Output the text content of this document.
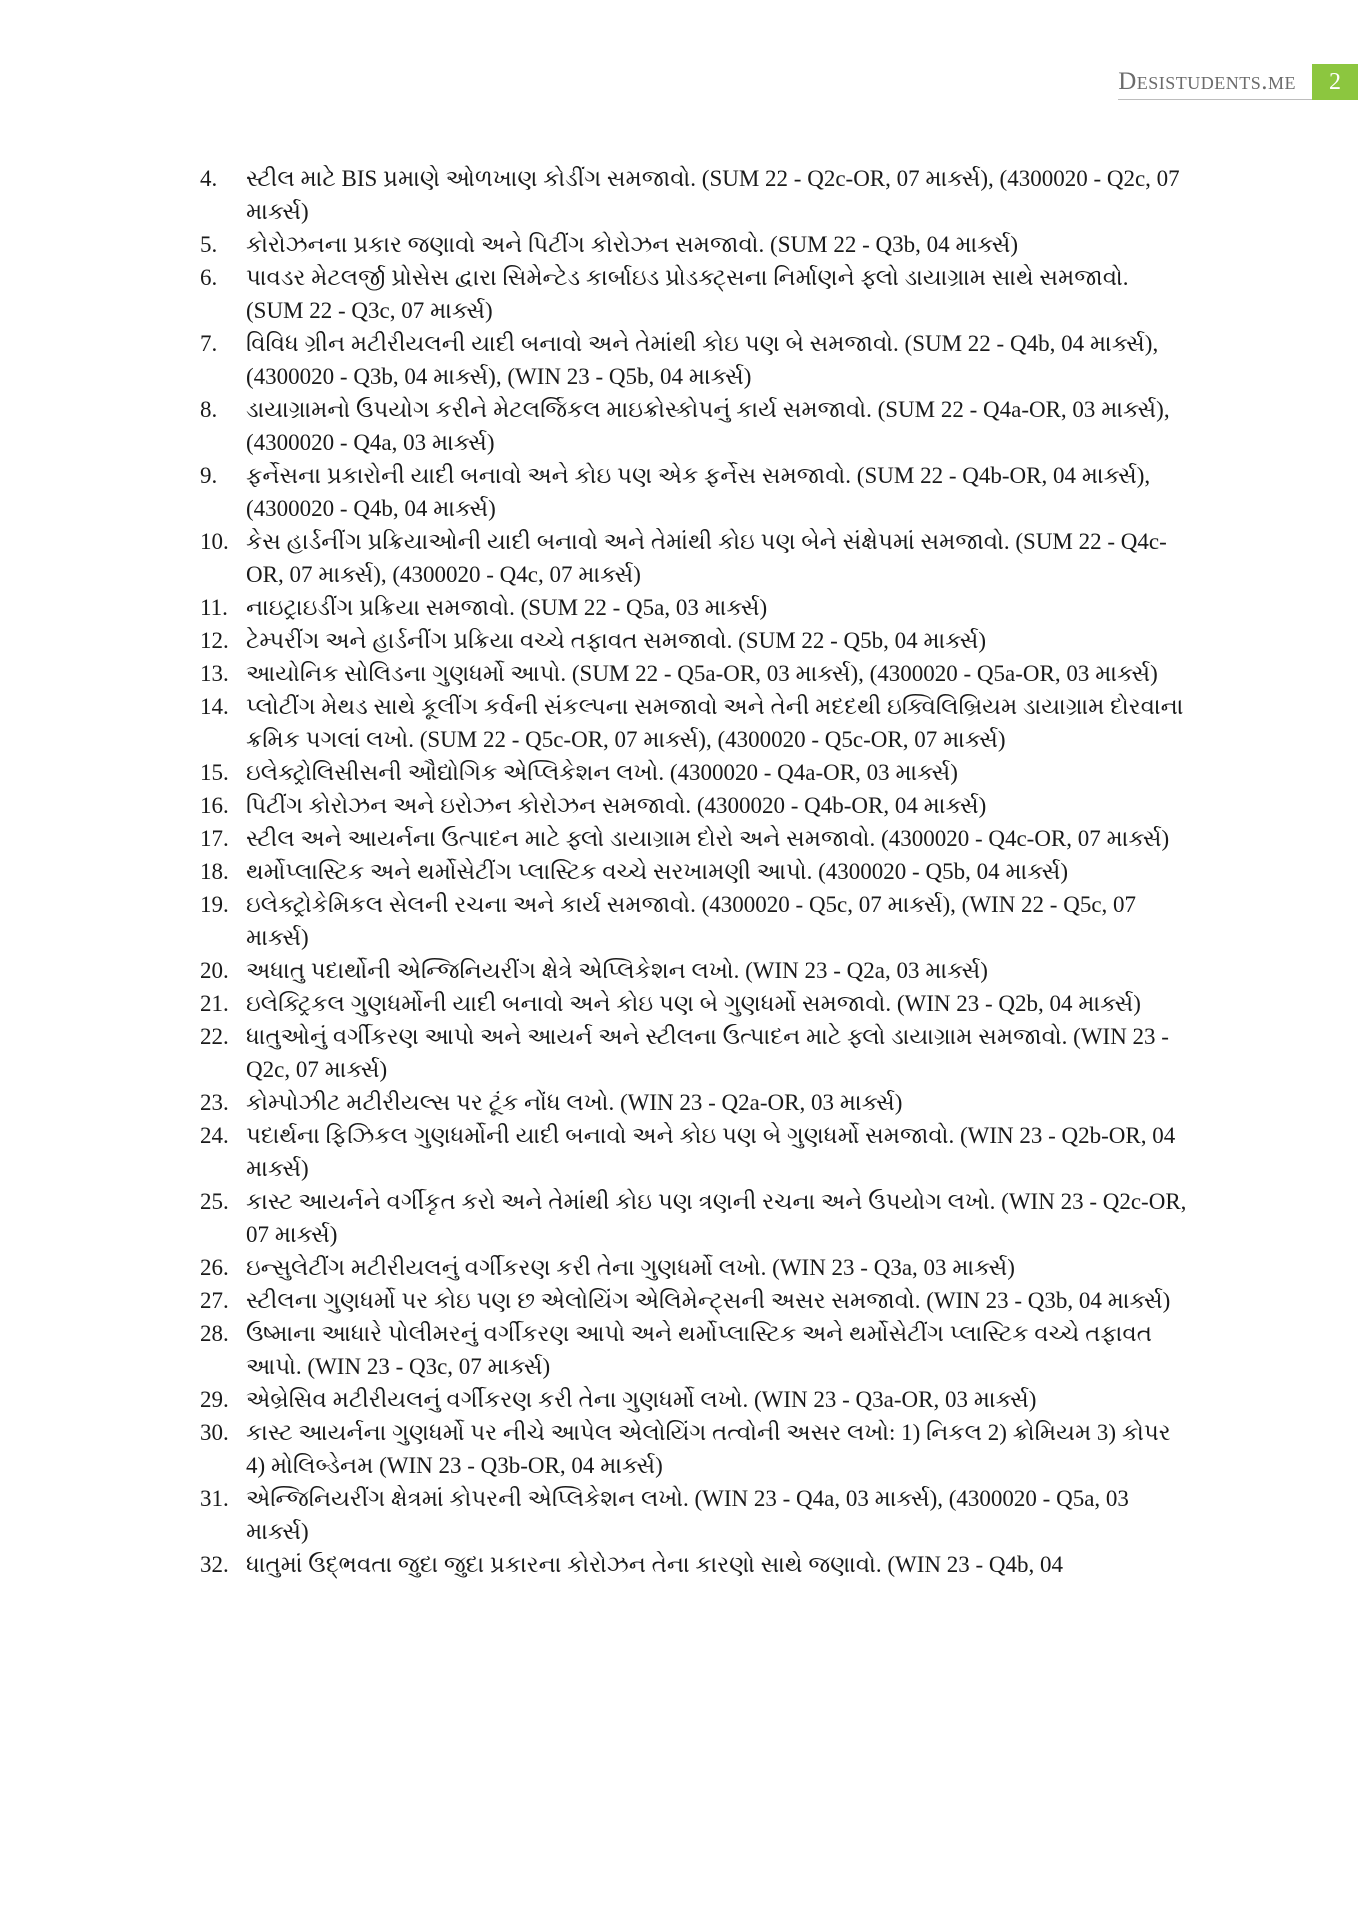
Desistudents.me	2
4.	સ્ટીલ માટે BIS પ્રમાણે ઓળખાણ કોડીંગ સમજાવો. (SUM 22 - Q2c-OR, 07 માર્ક્સ), (4300020 - Q2c, 07 માર્ક્સ)
5.	કોરોઝનના પ્રકાર જણાવો અને પિટીંગ કોરોઝન સમજાવો. (SUM 22 - Q3b, 04 માર્ક્સ)
6.	પાવડર મેટલર્જી પ્રોસેસ દ્વારા સિમેન્ટેડ કાર્બાઇડ પ્રોડક્ટ્સના નિર્માણને ફ્લો ડાયાગ્રામ સાથે સમજાવો. (SUM 22 - Q3c, 07 માર્ક્સ)
7.	વિવિધ ગ્રીન મટીરીયલની યાદી બનાવો અને તેમાંથી કોઇ પણ બે સમજાવો. (SUM 22 - Q4b, 04 માર્ક્સ), (4300020 - Q3b, 04 માર્ક્સ), (WIN 23 - Q5b, 04 માર્ક્સ)
8.	ડાયાગ્રામનો ઉપયોગ કરીને મેટલર્જિકલ માઇક્રોસ્કોપનું કાર્ય સમજાવો. (SUM 22 - Q4a-OR, 03 માર્ક્સ), (4300020 - Q4a, 03 માર્ક્સ)
9.	ફર્નેસના પ્રકારોની યાદી બનાવો અને કોઇ પણ એક ફર્નેસ સમજાવો. (SUM 22 - Q4b-OR, 04 માર્ક્સ), (4300020 - Q4b, 04 માર્ક્સ)
10. કેસ હાર્ડનીંગ પ્રક્રિયાઓની યાદી બનાવો અને તેમાંથી કોઇ પણ બેને સંક્ષેપમાં સમજાવો. (SUM 22 - Q4c-OR, 07 માર્ક્સ), (4300020 - Q4c, 07 માર્ક્સ)
11. નાઇટ્રાઇડીંગ પ્રક્રિયા સમજાવો. (SUM 22 - Q5a, 03 માર્ક્સ)
12. ટેમ્પરીંગ અને હાર્ડનીંગ પ્રક્રિયા વચ્ચે તફાવત સમજાવો. (SUM 22 - Q5b, 04 માર્ક્સ)
13. આયોનિક સોલિડના ગુણધર્મો આપો. (SUM 22 - Q5a-OR, 03 માર્ક્સ), (4300020 - Q5a-OR, 03 માર્ક્સ)
14. પ્લોટીંગ મેથડ સાથે કૂલીંગ કર્વની સંકલ્પના સમજાવો અને તેની મદદથી ઇક્વિલિબ્રિયમ ડાયાગ્રામ દોરવાના ક્રમિક પગલાં લખો. (SUM 22 - Q5c-OR, 07 માર્ક્સ), (4300020 - Q5c-OR, 07 માર્ક્સ)
15. ઇલેક્ટ્રોલિસીસની ઔદ્યોગિક એપ્લિકેશન લખો. (4300020 - Q4a-OR, 03 માર્ક્સ)
16. પિટીંગ કોરોઝન અને ઇરોઝન કોરોઝન સમજાવો. (4300020 - Q4b-OR, 04 માર્ક્સ)
17. સ્ટીલ અને આયર્નના ઉત્પાદન માટે ફ્લો ડાયાગ્રામ દોરો અને સમજાવો. (4300020 - Q4c-OR, 07 માર્ક્સ)
18. થર્મોપ્લાસ્ટિક અને થર્મોસેટીંગ પ્લાસ્ટિક વચ્ચે સરખામણી આપો. (4300020 - Q5b, 04 માર્ક્સ)
19. ઇલેક્ટ્રોકેમિકલ સેલની રચના અને કાર્ય સમજાવો. (4300020 - Q5c, 07 માર્ક્સ), (WIN 22 - Q5c, 07 માર્ક્સ)
20. અધાતુ પદાર્થોની એન્જિનિયરીંગ ક્ષેત્રે એપ્લિકેશન લખો. (WIN 23 - Q2a, 03 માર્ક્સ)
21. ઇલેક્ટ્રિકલ ગુણધર્મોની યાદી બનાવો અને કોઇ પણ બે ગુણધર્મો સમજાવો. (WIN 23 - Q2b, 04 માર્ક્સ)
22. ધાતુઓનું વર્ગીકરણ આપો અને આયર્ન અને સ્ટીલના ઉત્પાદન માટે ફ્લો ડાયાગ્રામ સમજાવો. (WIN 23 - Q2c, 07 માર્ક્સ)
23. કોમ્પોઝીટ મટીરીયલ્સ પર ટૂંક નોંધ લખો. (WIN 23 - Q2a-OR, 03 માર્ક્સ)
24. પદાર્થના ફિઝિકલ ગુણધર્મોની યાદી બનાવો અને કોઇ પણ બે ગુણધર્મો સમજાવો. (WIN 23 - Q2b-OR, 04 માર્ક્સ)
25. કાસ્ટ આયર્નને વર્ગીકૃત કરો અને તેમાંથી કોઇ પણ ત્રણની રચના અને ઉપયોગ લખો. (WIN 23 - Q2c-OR, 07 માર્ક્સ)
26. ઇન્સુલેટીંગ મટીરીયલનું વર્ગીકરણ કરી તેના ગુણધર્મો લખો. (WIN 23 - Q3a, 03 માર્ક્સ)
27. સ્ટીલના ગુણધર્મો પર કોઇ પણ છ એલોયિંગ એલિમેન્ટ્સની અસર સમજાવો. (WIN 23 - Q3b, 04 માર્ક્સ)
28. ઉષ્માના આધારે પોલીમરનું વર્ગીકરણ આપો અને થર્મોપ્લાસ્ટિક અને થર્મોસેટીંગ પ્લાસ્ટિક વચ્ચે તફાવત આપો. (WIN 23 - Q3c, 07 માર્ક્સ)
29. એબ્રેસિવ મટીરીયલનું વર્ગીકરણ કરી તેના ગુણધર્મો લખો. (WIN 23 - Q3a-OR, 03 માર્ક્સ)
30. કાસ્ટ આયર્નના ગુણધર્મો પર નીચે આપેલ એલોયિંગ તત્વોની અસર લખો: 1) નિકલ 2) ક્રોમિયમ 3) કોપર 4) મોલિબ્ડેનમ (WIN 23 - Q3b-OR, 04 માર્ક્સ)
31. એન્જિનિયરીંગ ક્ષેત્રમાં કોપરની એપ્લિકેશન લખો. (WIN 23 - Q4a, 03 માર્ક્સ), (4300020 - Q5a, 03 માર્ક્સ)
32. ધાતુમાં ઉદ્ભવતા જુદા જુદા પ્રકારના કોરોઝન તેના કારણો સાથે જણાવો. (WIN 23 - Q4b, 04
